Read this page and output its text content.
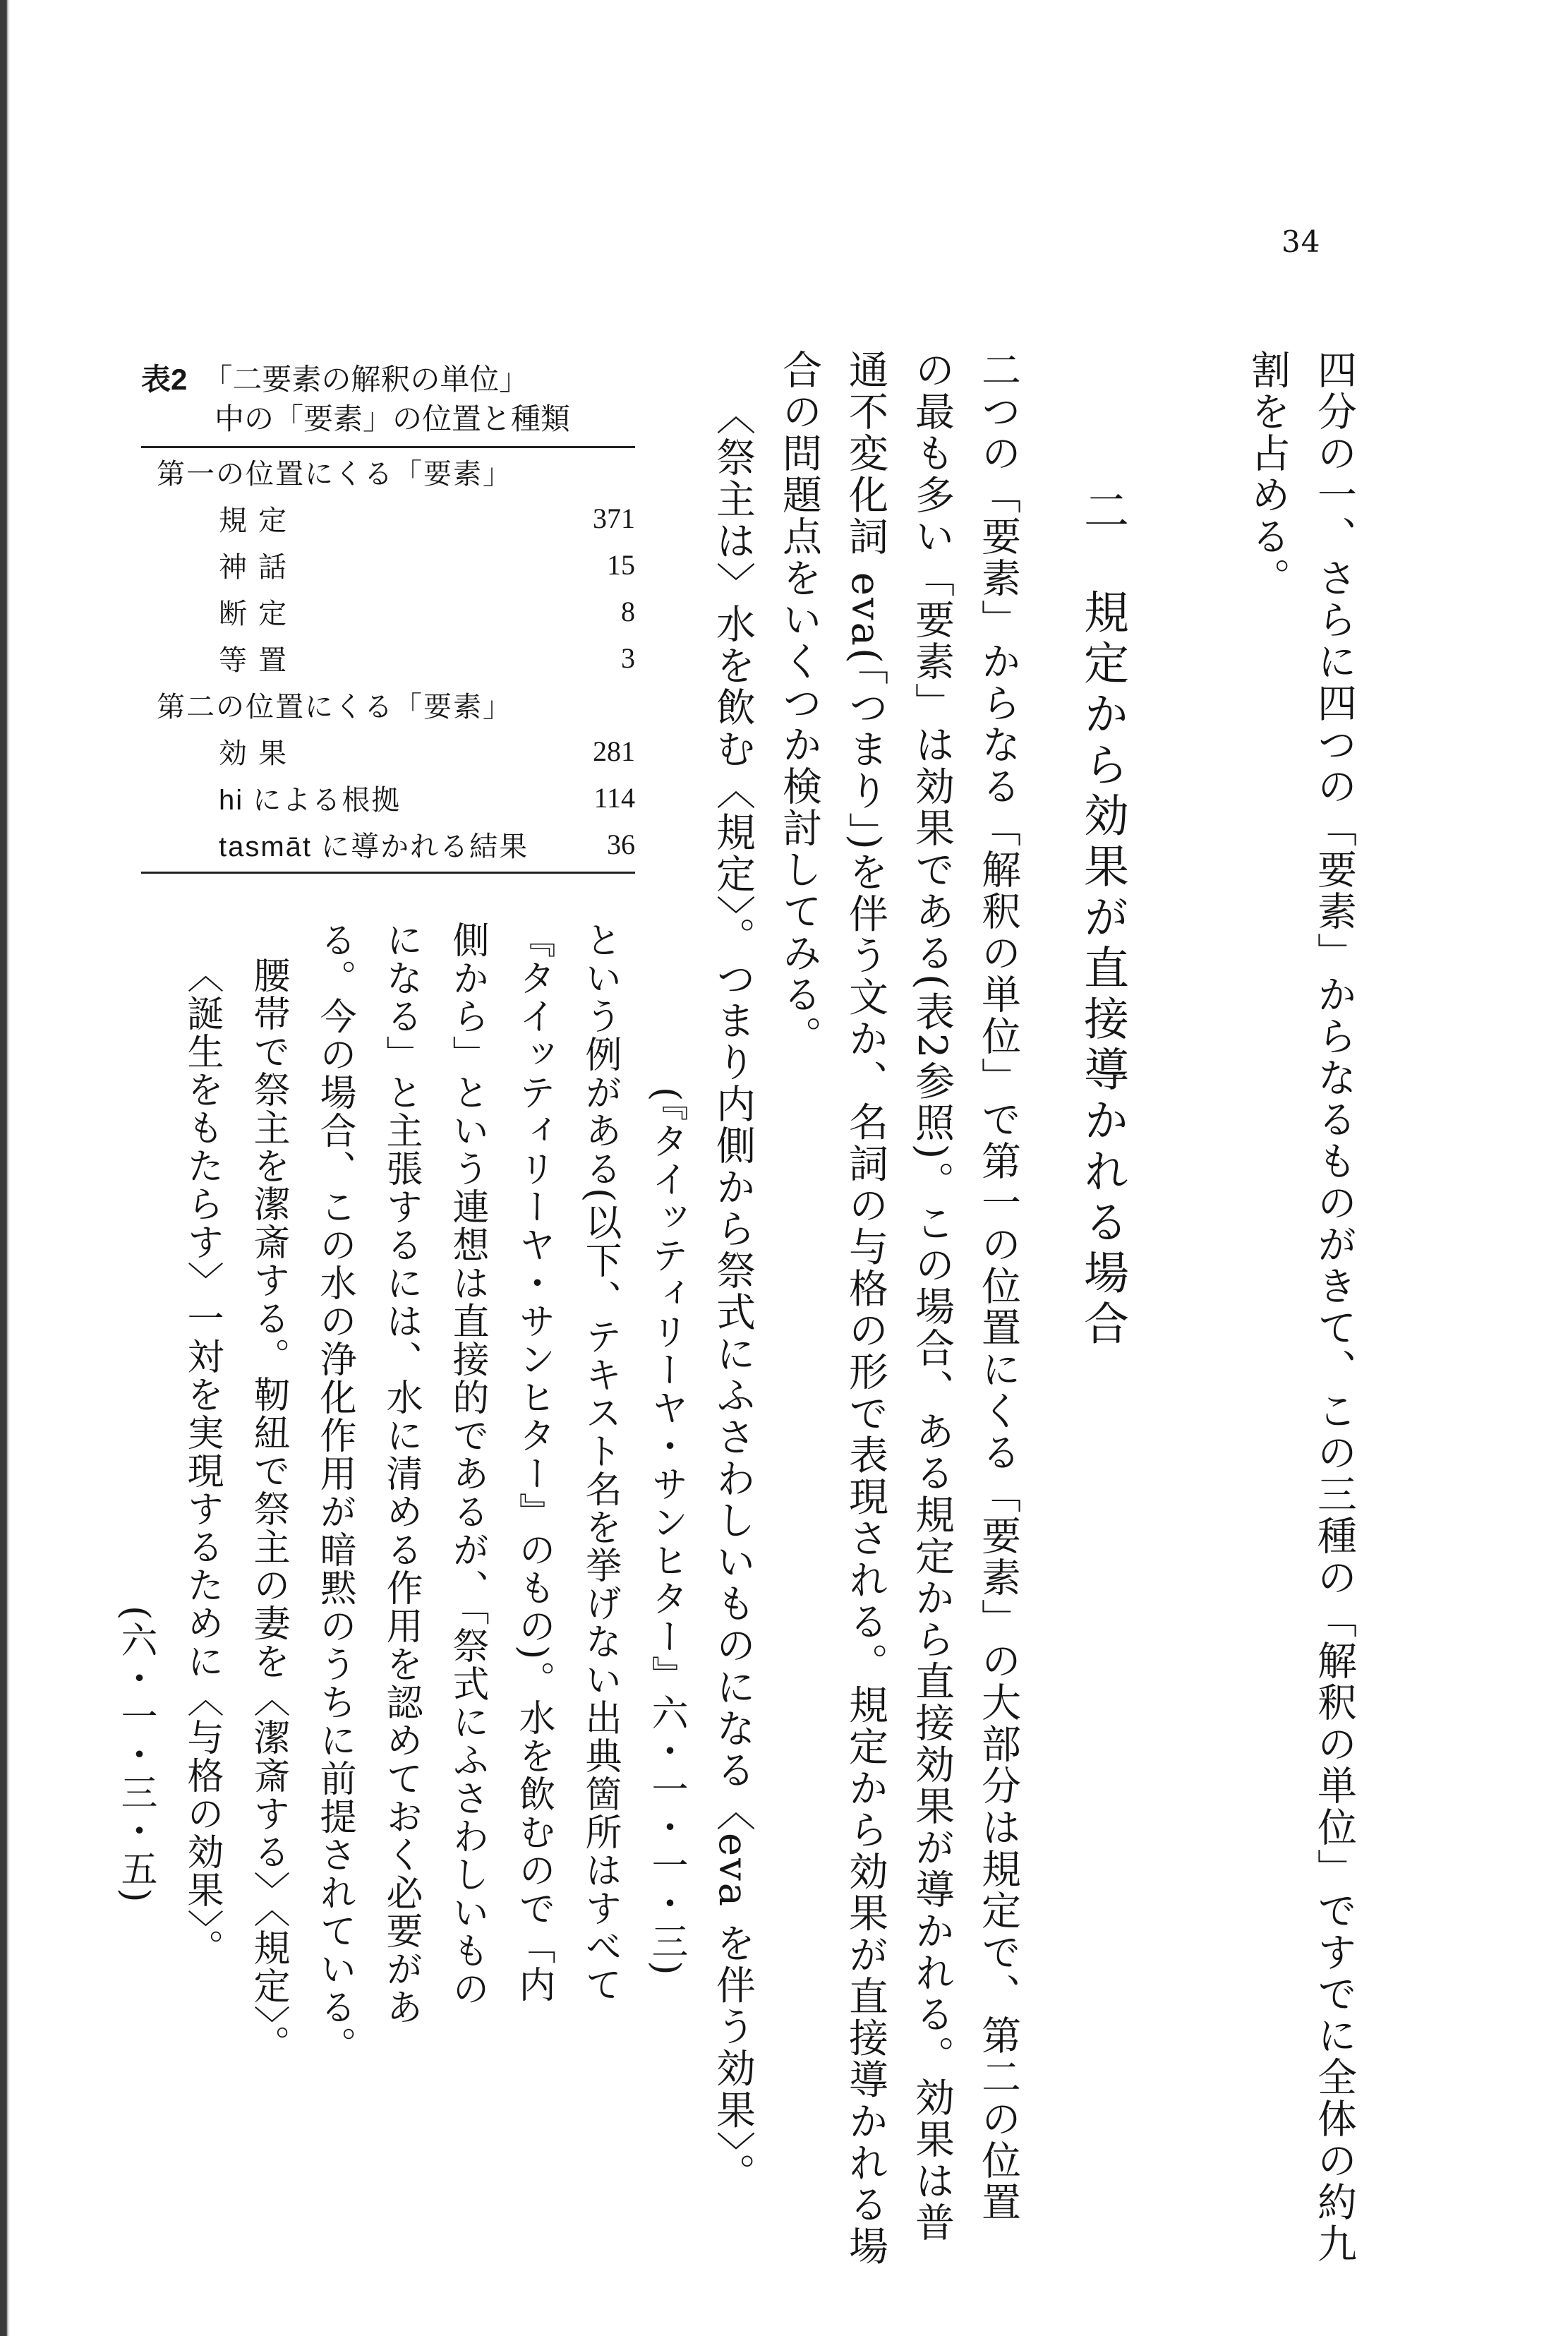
34
四分の一、さらに四つの「要素」からなるものがきて、この三種の「解釈の単位」ですでに全体の約九
割を占める。
二　規定から効果が直接導かれる場合
二つの「要素」からなる「解釈の単位」で第一の位置にくる「要素」の大部分は規定で、第二の位置
の最も多い「要素」は効果である(表2参照)。この場合、ある規定から直接効果が導かれる。効果は普
通不変化詞 eva(「つまり」)を伴う文か、名詞の与格の形で表現される。規定から効果が直接導かれる場
合の問題点をいくつか検討してみる。
〈祭主は〉水を飲む〈規定〉。つまり内側から祭式にふさわしいものになる〈eva を伴う効果〉。
(『タイッティリーヤ・サンヒター』六・一・一・三)
という例がある(以下、テキスト名を挙げない出典箇所はすべて
『タイッティリーヤ・サンヒター』のもの)。水を飲むので「内
側から」という連想は直接的であるが、「祭式にふさわしいもの
になる」と主張するには、水に清める作用を認めておく必要があ
る。今の場合、この水の浄化作用が暗黙のうちに前提されている。
腰帯で祭主を潔斎する。靭紐で祭主の妻を〈潔斎する〉〈規定〉。
〈誕生をもたらす〉一対を実現するために〈与格の効果〉。
(六・一・三・五)
表2 「二要素の解釈の単位」
中の「要素」の位置と種類
第一の位置にくる「要素」
規定	371
神話	15
断定	8
等置	3
第二の位置にくる「要素」
効果	281
hi による根拠	114
tasmāt に導かれる結果	36
